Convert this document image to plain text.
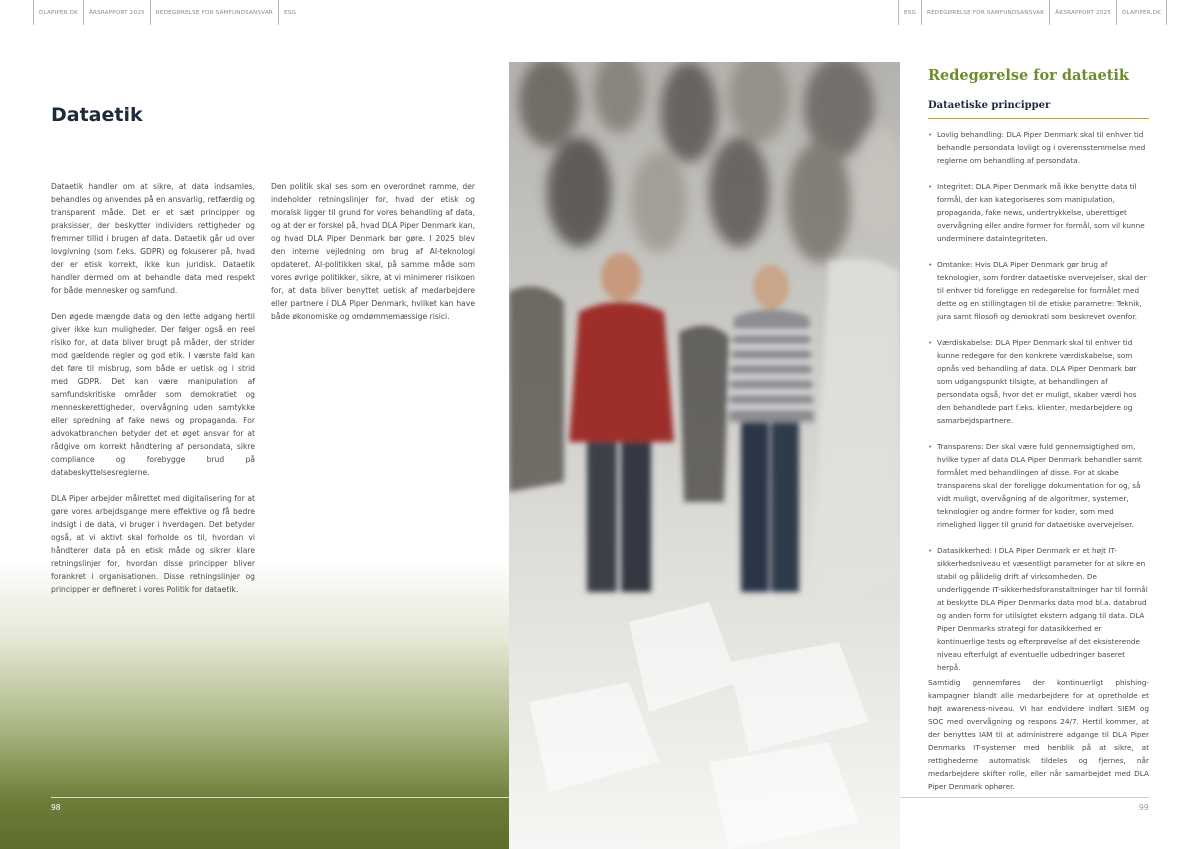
DLAPIPER.DK	ÅRSRAPPORT 2025	REDEGØRELSE FOR SAMFUNDSANSVAR	ESG	ESG	REDEGØRELSE FOR SAMFUNDSANSVAR	ÅRSRAPPORT 2025	DLAPIPER.DK
Dataetik

Dataetik handler om at sikre, at data indsamles, behandles og anvendes på en ansvarlig, retfærdig og transparent måde. Det er et sæt principper og praksisser, der beskytter individers rettigheder og fremmer tillid i brugen af data. Dataetik går ud over lovgivning (som f.eks. GDPR) og fokuserer på, hvad der er etisk korrekt, ikke kun juridisk. Dataetik handler dermed om at behandle data med respekt for både mennesker og samfund.

Den øgede mængde data og den lette adgang hertil giver ikke kun muligheder. Der følger også en reel risiko for, at data bliver brugt på måder, der strider mod gældende regler og god etik. I værste fald kan det føre til misbrug, som både er uetisk og i strid med GDPR. Det kan være manipulation af samfundskritiske områder som demokratiet og menneskerettigheder, overvågning uden samtykke eller spredning af fake news og propaganda. For advokatbranchen betyder det et øget ansvar for at rådgive om korrekt håndtering af persondata, sikre compliance og forebygge brud på databeskyttelsesreglerne.

DLA Piper arbejder målrettet med digitalisering for at gøre vores arbejdsgange mere effektive og få bedre indsigt i de data, vi bruger i hverdagen. Det betyder også, at vi aktivt skal forholde os til, hvordan vi håndterer data på en etisk måde og sikrer klare retningslinjer for, hvordan disse principper bliver forankret i organisationen. Disse retningslinjer og principper er defineret i vores Politik for dataetik.

Den politik skal ses som en overordnet ramme, der indeholder retningslinjer for, hvad der etisk og moralsk ligger til grund for vores behandling af data, og at der er forskel på, hvad DLA Piper Denmark kan, og hvad DLA Piper Denmark bør gøre. I 2025 blev den interne vejledning om brug af AI-teknologi opdateret. AI-politikken skal, på samme måde som vores øvrige politikker, sikre, at vi minimerer risikoen for, at data bliver benyttet uetisk af medarbejdere eller partnere i DLA Piper Denmark, hvilket kan have både økonomiske og omdømmemæssige risici.

98
Redegørelse for dataetik
Dataetiske principper
• Lovlig behandling: DLA Piper Denmark skal til enhver tid behandle persondata lovligt og i overensstemmelse med reglerne om behandling af persondata.
• Integritet: DLA Piper Denmark må ikke benytte data til formål, der kan kategoriseres som manipulation, propaganda, fake news, undertrykkelse, uberettiget overvågning eller andre former for formål, som vil kunne underminere dataintegriteten.
• Omtanke: Hvis DLA Piper Denmark gør brug af teknologier, som fordrer dataetiske overvejelser, skal der til enhver tid foreligge en redegørelse for formålet med dette og en stillingtagen til de etiske parametre: Teknik, jura samt filosofi og demokrati som beskrevet ovenfor.
• Værdiskabelse: DLA Piper Denmark skal til enhver tid kunne redegøre for den konkrete værdiskabelse, som opnås ved behandling af data. DLA Piper Denmark bør som udgangspunkt tilsigte, at behandlingen af persondata også, hvor det er muligt, skaber værdi hos den behandlede part f.eks. klienter, medarbejdere og samarbejdspartnere.
• Transparens: Der skal være fuld gennemsigtighed om, hvilke typer af data DLA Piper Denmark behandler samt formålet med behandlingen af disse. For at skabe transparens skal der foreligge dokumentation for og, så vidt muligt, overvågning af de algoritmer, systemer, teknologier og andre former for koder, som med rimelighed ligger til grund for dataetiske overvejelser.
• Datasikkerhed: I DLA Piper Denmark er et højt IT-sikkerhedsniveau et væsentligt parameter for at sikre en stabil og pålidelig drift af virksomheden. De underliggende IT-sikkerhedsforanstaltninger har til formål at beskytte DLA Piper Denmarks data mod bl.a. databrud og anden form for utilsigtet ekstern adgang til data. DLA Piper Denmarks strategi for datasikkerhed er kontinuerlige tests og efterprøvelse af det eksisterende niveau efterfulgt af eventuelle udbedringer baseret herpå.

Samtidig gennemføres der kontinuerligt phishing-kampagner blandt alle medarbejdere for at opretholde et højt awareness-niveau. Vi har endvidere indført SIEM og SOC med overvågning og respons 24/7. Hertil kommer, at der benyttes IAM til at administrere adgange til DLA Piper Denmarks IT-systemer med henblik på at sikre, at rettighederne automatisk tildeles og fjernes, når medarbejdere skifter rolle, eller når samarbejdet med DLA Piper Denmark ophører.

99
